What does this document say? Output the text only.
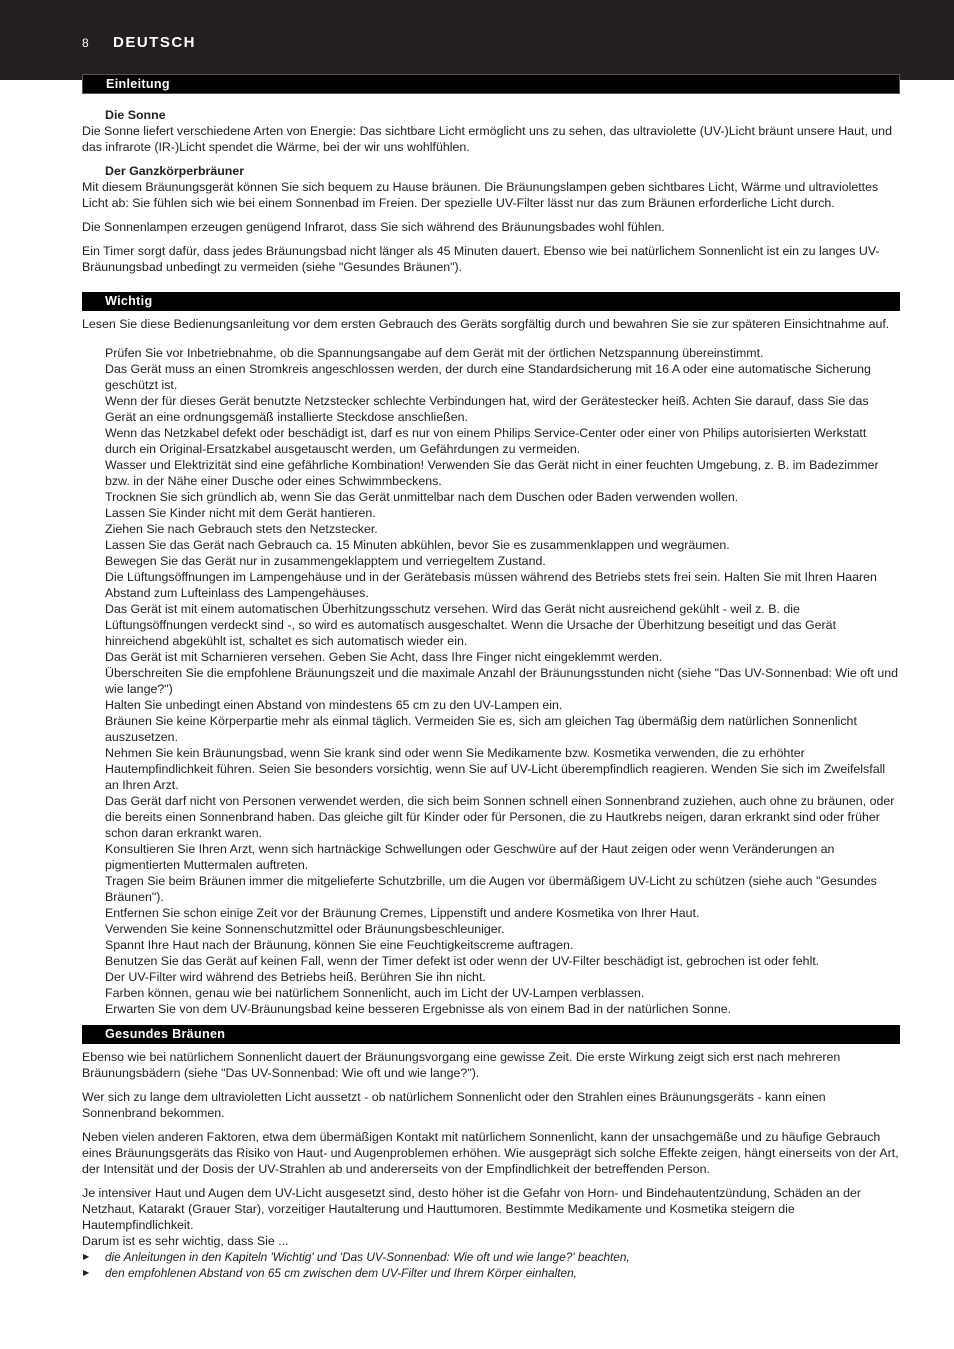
8 DEUTSCH
Einleitung
Die Sonne

Die Sonne liefert verschiedene Arten von Energie: Das sichtbare Licht ermöglicht uns zu sehen, das ultraviolette (UV-)Licht bräunt unsere Haut, und das infrarote (IR-)Licht spendet die Wärme, bei der wir uns wohlfühlen.

Der Ganzkörperbräuner

Mit diesem Bräunungsgerät können Sie sich bequem zu Hause bräunen. Die Bräunungslampen geben sichtbares Licht, Wärme und ultraviolettes Licht ab: Sie fühlen sich wie bei einem Sonnenbad im Freien. Der spezielle UV-Filter lässt nur das zum Bräunen erforderliche Licht durch.

Die Sonnenlampen erzeugen genügend Infrarot, dass Sie sich während des Bräunungsbades wohl fühlen.

Ein Timer sorgt dafür, dass jedes Bräunungsbad nicht länger als 45 Minuten dauert. Ebenso wie bei natürlichem Sonnenlicht ist ein zu langes UV-Bräunungsbad unbedingt zu vermeiden (siehe "Gesundes Bräunen").

Wichtig

Lesen Sie diese Bedienungsanleitung vor dem ersten Gebrauch des Geräts sorgfältig durch und bewahren Sie sie zur späteren Einsichtnahme auf.

Prüfen Sie vor Inbetriebnahme, ob die Spannungsangabe auf dem Gerät mit der örtlichen Netzspannung übereinstimmt.
Das Gerät muss an einen Stromkreis angeschlossen werden, der durch eine Standardsicherung mit 16 A oder eine automatische Sicherung geschützt ist.
Wenn der für dieses Gerät benutzte Netzstecker schlechte Verbindungen hat, wird der Gerätestecker heiß. Achten Sie darauf, dass Sie das Gerät an eine ordnungsgemäß installierte Steckdose anschließen.
Wenn das Netzkabel defekt oder beschädigt ist, darf es nur von einem Philips Service-Center oder einer von Philips autorisierten Werkstatt durch ein Original-Ersatzkabel ausgetauscht werden, um Gefährdungen zu vermeiden.
Wasser und Elektrizität sind eine gefährliche Kombination! Verwenden Sie das Gerät nicht in einer feuchten Umgebung, z. B. im Badezimmer bzw. in der Nähe einer Dusche oder eines Schwimmbeckens.
Trocknen Sie sich gründlich ab, wenn Sie das Gerät unmittelbar nach dem Duschen oder Baden verwenden wollen.
Lassen Sie Kinder nicht mit dem Gerät hantieren.
Ziehen Sie nach Gebrauch stets den Netzstecker.
Lassen Sie das Gerät nach Gebrauch ca. 15 Minuten abkühlen, bevor Sie es zusammenklappen und wegräumen.
Bewegen Sie das Gerät nur in zusammengeklapptem und verriegeltem Zustand.
Die Lüftungsöffnungen im Lampengehäuse und in der Gerätebasis müssen während des Betriebs stets frei sein. Halten Sie mit Ihren Haaren Abstand zum Lufteinlass des Lampengehäuses.
Das Gerät ist mit einem automatischen Überhitzungsschutz versehen. Wird das Gerät nicht ausreichend gekühlt - weil z. B. die Lüftungsöffnungen verdeckt sind -, so wird es automatisch ausgeschaltet. Wenn die Ursache der Überhitzung beseitigt und das Gerät hinreichend abgekühlt ist, schaltet es sich automatisch wieder ein.
Das Gerät ist mit Scharnieren versehen. Geben Sie Acht, dass Ihre Finger nicht eingeklemmt werden.
Überschreiten Sie die empfohlene Bräunungszeit und die maximale Anzahl der Bräunungsstunden nicht (siehe "Das UV-Sonnenbad: Wie oft und wie lange?")
Halten Sie unbedingt einen Abstand von mindestens 65 cm zu den UV-Lampen ein.
Bräunen Sie keine Körperpartie mehr als einmal täglich. Vermeiden Sie es, sich am gleichen Tag übermäßig dem natürlichen Sonnenlicht auszusetzen.
Nehmen Sie kein Bräunungsbad, wenn Sie krank sind oder wenn Sie Medikamente bzw. Kosmetika verwenden, die zu erhöhter Hautempfindlichkeit führen. Seien Sie besonders vorsichtig, wenn Sie auf UV-Licht überempfindlich reagieren. Wenden Sie sich im Zweifelsfall an Ihren Arzt.
Das Gerät darf nicht von Personen verwendet werden, die sich beim Sonnen schnell einen Sonnenbrand zuziehen, auch ohne zu bräunen, oder die bereits einen Sonnenbrand haben. Das gleiche gilt für Kinder oder für Personen, die zu Hautkrebs neigen, daran erkrankt sind oder früher schon daran erkrankt waren.
Konsultieren Sie Ihren Arzt, wenn sich hartnäckige Schwellungen oder Geschwüre auf der Haut zeigen oder wenn Veränderungen an pigmentierten Muttermalen auftreten.
Tragen Sie beim Bräunen immer die mitgelieferte Schutzbrille, um die Augen vor übermäßigem UV-Licht zu schützen (siehe auch "Gesundes Bräunen").
Entfernen Sie schon einige Zeit vor der Bräunung Cremes, Lippenstift und andere Kosmetika von Ihrer Haut.
Verwenden Sie keine Sonnenschutzmittel oder Bräunungsbeschleuniger.
Spannt Ihre Haut nach der Bräunung, können Sie eine Feuchtigkeitscreme auftragen.
Benutzen Sie das Gerät auf keinen Fall, wenn der Timer defekt ist oder wenn der UV-Filter beschädigt ist, gebrochen ist oder fehlt.
Der UV-Filter wird während des Betriebs heiß. Berühren Sie ihn nicht.
Farben können, genau wie bei natürlichem Sonnenlicht, auch im Licht der UV-Lampen verblassen.
Erwarten Sie von dem UV-Bräunungsbad keine besseren Ergebnisse als von einem Bad in der natürlichen Sonne.
Gesundes Bräunen

Ebenso wie bei natürlichem Sonnenlicht dauert der Bräunungsvorgang eine gewisse Zeit. Die erste Wirkung zeigt sich erst nach mehreren Bräunungsbädern (siehe "Das UV-Sonnenbad: Wie oft und wie lange?").

Wer sich zu lange dem ultravioletten Licht aussetzt - ob natürlichem Sonnenlicht oder den Strahlen eines Bräunungsgeräts - kann einen Sonnenbrand bekommen.

Neben vielen anderen Faktoren, etwa dem übermäßigen Kontakt mit natürlichem Sonnenlicht, kann der unsachgemäße und zu häufige Gebrauch eines Bräunungsgeräts das Risiko von Haut- und Augenproblemen erhöhen. Wie ausgeprägt sich solche Effekte zeigen, hängt einerseits von der Art, der Intensität und der Dosis der UV-Strahlen ab und andererseits von der Empfindlichkeit der betreffenden Person.

Je intensiver Haut und Augen dem UV-Licht ausgesetzt sind, desto höher ist die Gefahr von Horn- und Bindehautentzündung, Schäden an der Netzhaut, Katarakt (Grauer Star), vorzeitiger Hautalterung und Hauttumoren. Bestimmte Medikamente und Kosmetika steigern die Hautempfindlichkeit.

Darum ist es sehr wichtig, dass Sie ...

▶ die Anleitungen in den Kapiteln 'Wichtig' und 'Das UV-Sonnenbad: Wie oft und wie lange?' beachten,
▶ den empfohlenen Abstand von 65 cm zwischen dem UV-Filter und Ihrem Körper einhalten,
